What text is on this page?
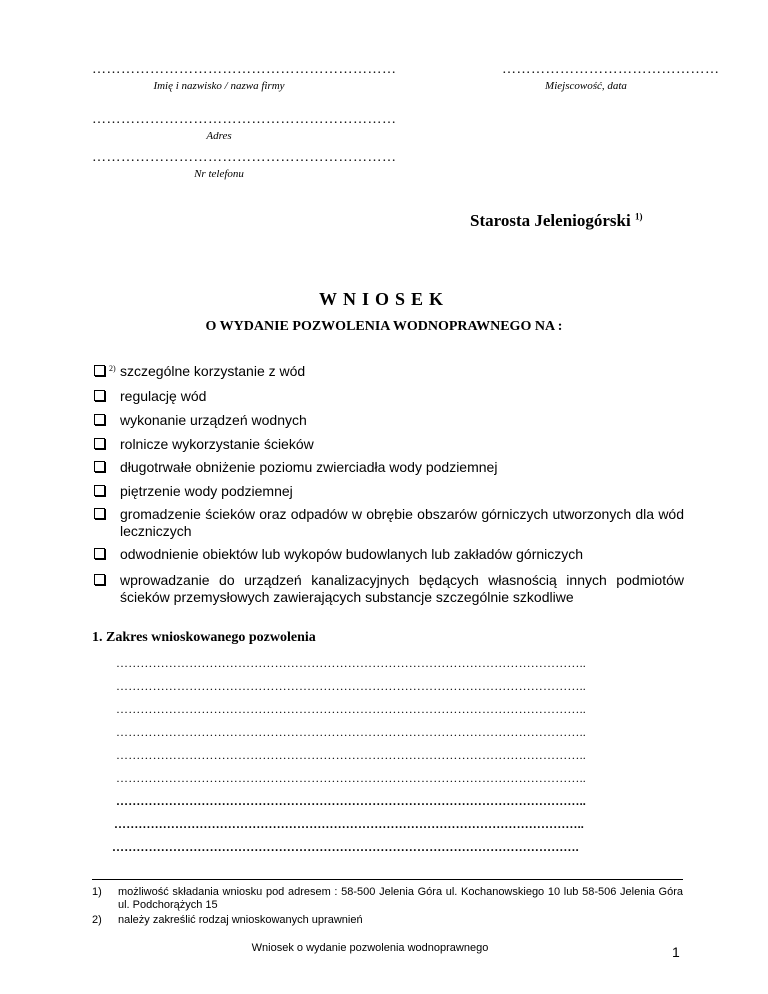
………………………………………………………
Imię i nazwisko / nazwa firmy
………………………………………
Miejscowość, data
………………………………………………………
Adres
………………………………………………………
Nr telefonu
Starosta Jeleniogórski $^{1)}$
WNIOSEK
O WYDANIE POZWOLENIA WODNOPRAWNEGO NA :
2) szczególne korzystanie z wód
regulację wód
wykonanie urządzeń wodnych
rolnicze wykorzystanie ścieków
długotrwałe obniżenie poziomu zwierciadła wody podziemnej
piętrzenie wody podziemnej
gromadzenie ścieków oraz odpadów w obrębie obszarów górniczych utworzonych dla wód leczniczych
odwodnienie obiektów lub wykopów budowlanych lub zakładów górniczych
wprowadzanie do urządzeń kanalizacyjnych będących własnością innych podmiotów ścieków przemysłowych zawierających substancje szczególnie szkodliwe
1. Zakres wnioskowanego pozwolenia
……………………………………………………………………………………………………..
……………………………………………………………………………………………………..
……………………………………………………………………………………………………..
……………………………………………………………………………………………………..
……………………………………………………………………………………………………..
……………………………………………………………………………………………………..
……………………………………………………………………………………………………..
……………………………………………………………………………………………………..
…………………………………………………………………………………………………….
1) możliwość składania wniosku pod adresem : 58-500 Jelenia Góra ul. Kochanowskiego 10 lub 58-506 Jelenia Góra ul. Podchorążych 15
2) należy zakreślić rodzaj wnioskowanych uprawnień
Wniosek o wydanie pozwolenia wodnoprawnego	1
